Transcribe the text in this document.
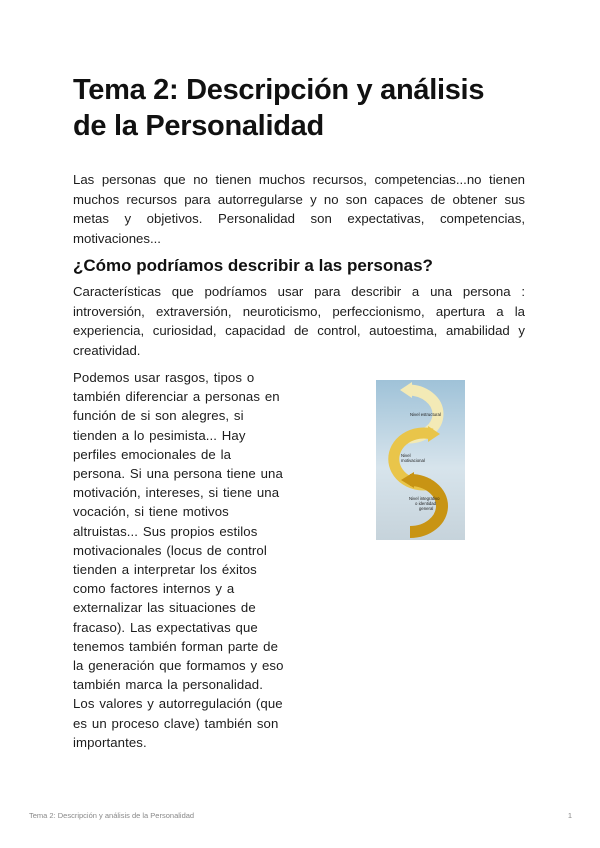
Tema 2: Descripción y análisis
de la Personalidad

Las personas que no tienen muchos recursos, competencias...no tienen muchos recursos para autorregularse y no son capaces de obtener sus metas y objetivos. Personalidad son expectativas, competencias, motivaciones...

¿Cómo podríamos describir a las personas?

Características que podríamos usar para describir a una persona : introversión, extraversión, neuroticismo, perfeccionismo, apertura a la experiencia, curiosidad, capacidad de control, autoestima, amabilidad y creatividad.

Podemos usar rasgos, tipos o también diferenciar a personas en función de si son alegres, si tienden a lo pesimista... Hay perfiles emocionales de la persona. Si una persona tiene una motivación, intereses, si tiene una vocación, si tiene motivos altruistas... Sus propios estilos motivacionales (locus de control tienden a interpretar los éxitos como factores internos y a externalizar las situaciones de fracaso). Las expectativas que tenemos también forman parte de la generación que formamos y eso también marca la personalidad. Los valores y autorregulación (que es un proceso clave) también son importantes.

Nivel estructural
Nivel
motivacional
Nivel integrativo
o identidad
general
Tema 2: Descripción y análisis de la Personalidad	1
